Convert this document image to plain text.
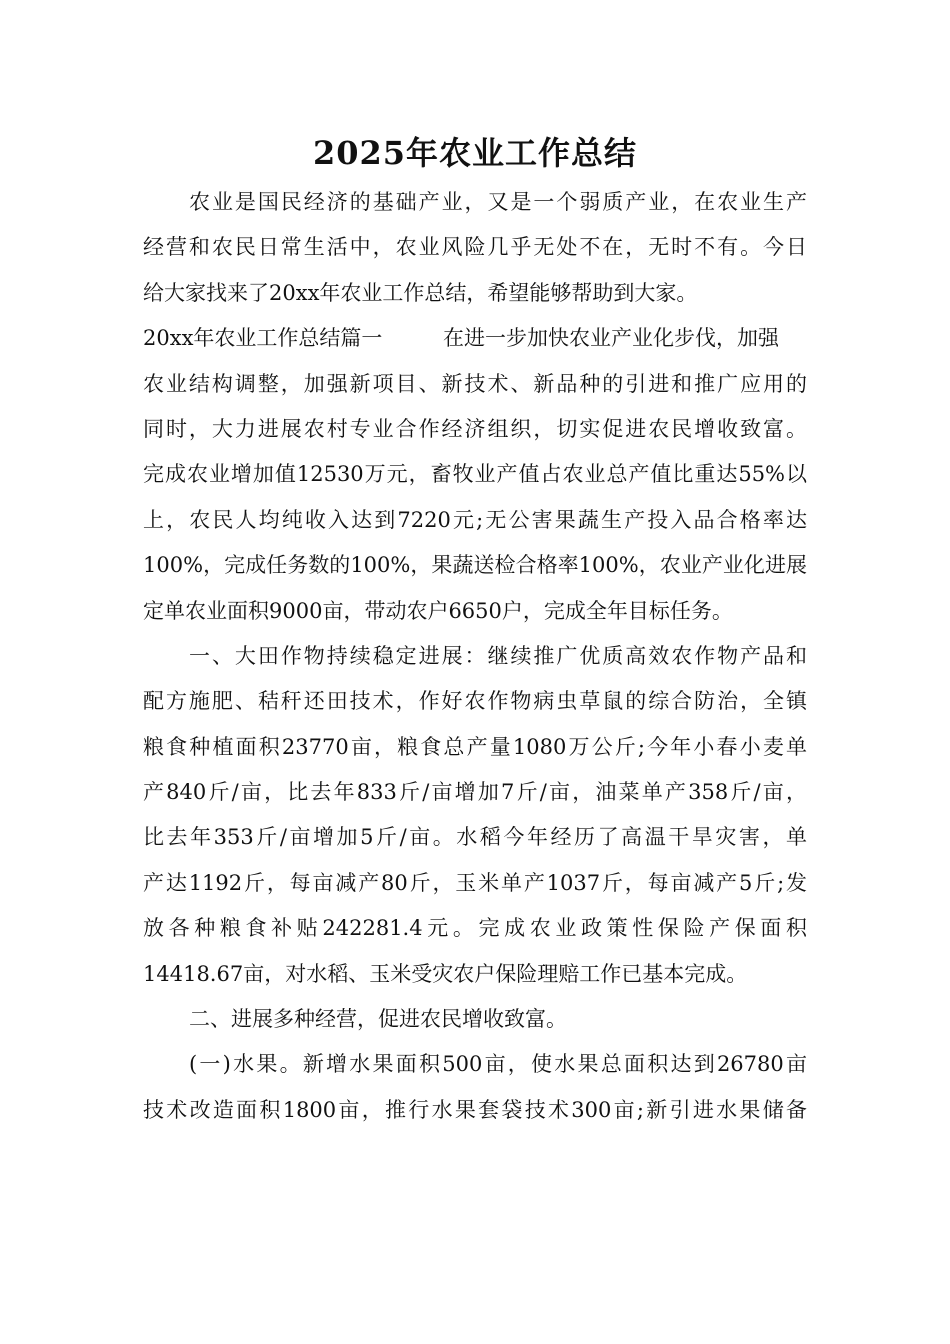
2025年农业工作总结
农业是国民经济的基础产业，又是一个弱质产业，在农业生产
经营和农民日常生活中，农业风险几乎无处不在，无时不有。今日
给大家找来了20xx年农业工作总结，希望能够帮助到大家。
20xx年农业工作总结篇一	在进一步加快农业产业化步伐，加强
农业结构调整，加强新项目、新技术、新品种的引进和推广应用的
同时，大力进展农村专业合作经济组织，切实促进农民增收致富。
完成农业增加值12530万元，畜牧业产值占农业总产值比重达55%以
上，农民人均纯收入达到7220元;无公害果蔬生产投入品合格率达
100%，完成任务数的100%，果蔬送检合格率100%，农业产业化进展
定单农业面积9000亩，带动农户6650户，完成全年目标任务。
一、大田作物持续稳定进展：继续推广优质高效农作物产品和
配方施肥、秸秆还田技术，作好农作物病虫草鼠的综合防治，全镇
粮食种植面积23770亩，粮食总产量1080万公斤;今年小春小麦单
产840斤/亩，比去年833斤/亩增加7斤/亩，油菜单产358斤/亩，
比去年353斤/亩增加5斤/亩。水稻今年经历了高温干旱灾害，单
产达1192斤，每亩减产80斤，玉米单产1037斤，每亩减产5斤;发
放各种粮食补贴242281.4元。完成农业政策性保险产保面积
14418.67亩，对水稻、玉米受灾农户保险理赔工作已基本完成。
二、进展多种经营，促进农民增收致富。
(一)水果。新增水果面积500亩，使水果总面积达到26780亩
技术改造面积1800亩，推行水果套袋技术300亩;新引进水果储备
